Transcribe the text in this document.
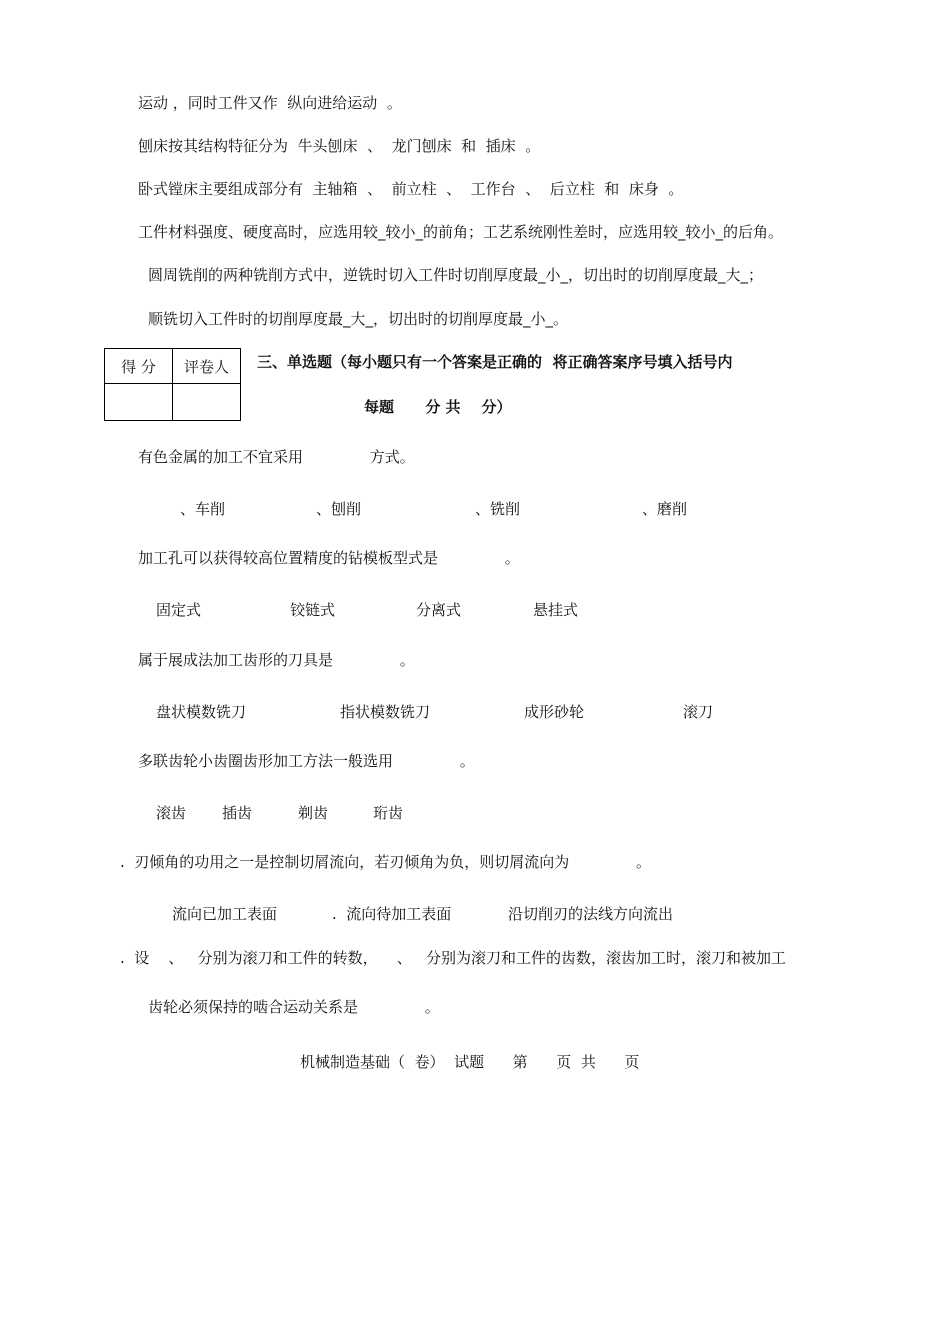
运动 ，同时工件又作  纵向进给运动  。
刨床按其结构特征分为  牛头刨床  、  龙门刨床  和  插床  。
卧式镗床主要组成部分有  主轴箱  、  前立柱  、  工作台  、  后立柱  和  床身  。
工件材料强度、硬度高时，应选用较_较小_的前角；工艺系统刚性差时，应选用较_较小_的后角。
圆周铣削的两种铣削方式中，逆铣时切入工件时切削厚度最_小_，切出时的切削厚度最_大_；
顺铣切入工件时的切削厚度最_大_，切出时的切削厚度最_小_。
得 分	评卷人
	三、单选题（每小题只有一个答案是正确的  将正确答案序号填入括号内
每题      分 共    分）
有色金属的加工不宜采用              方式。
、车削	、刨削	、铣削	、磨削
加工孔可以获得较高位置精度的钻模板型式是              。
固定式	铰链式	分离式	悬挂式
属于展成法加工齿形的刀具是              。
盘状模数铣刀	指状模数铣刀	成形砂轮	滚刀
多联齿轮小齿圈齿形加工方法一般选用              。
滚齿 插齿	剃齿	珩齿
.  刃倾角的功用之一是控制切屑流向，若刃倾角为负，则切屑流向为              。
流向已加工表面	.  流向待加工表面	沿切削刃的法线方向流出
.  设    、   分别为滚刀和工件的转数，    、   分别为滚刀和工件的齿数，滚齿加工时，滚刀和被加工
齿轮必须保持的啮合运动关系是              。
机械制造基础（  卷）  试题      第      页  共      页
